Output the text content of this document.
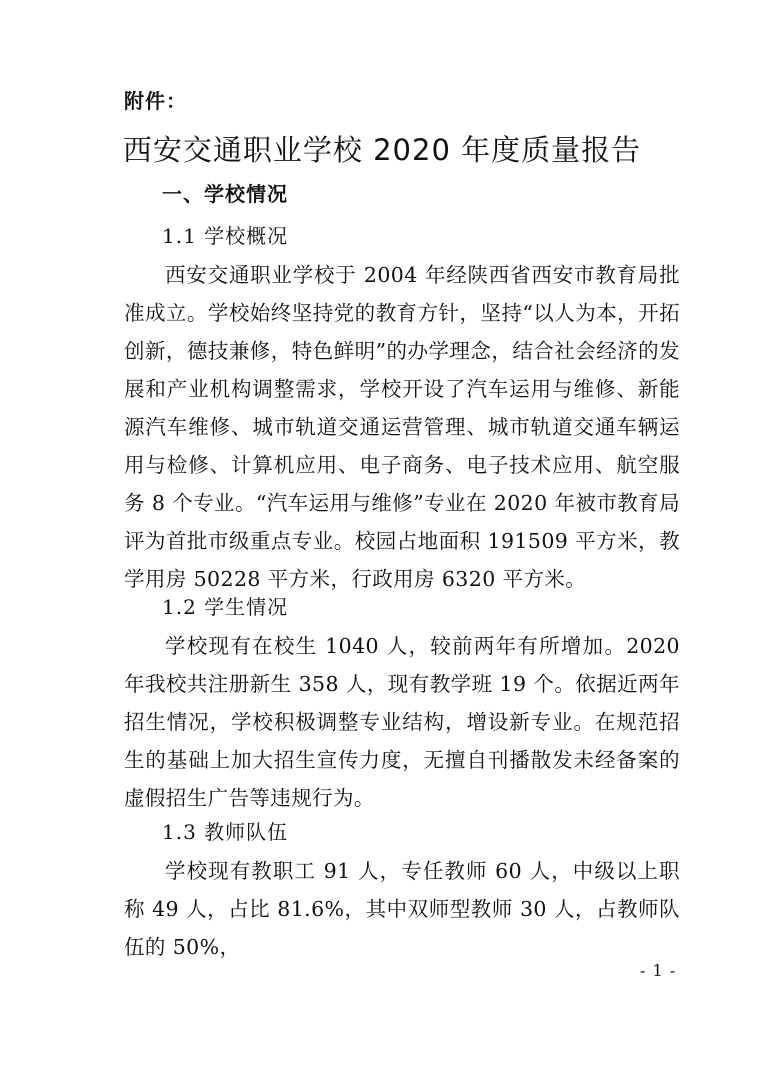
附件：
西安交通职业学校 2020 年度质量报告
一、学校情况
1.1 学校概况

西安交通职业学校于 2004 年经陕西省西安市教育局批准成立。学校始终坚持党的教育方针，坚持“以人为本，开拓创新，德技兼修，特色鲜明”的办学理念，结合社会经济的发展和产业机构调整需求，学校开设了汽车运用与维修、新能源汽车维修、城市轨道交通运营管理、城市轨道交通车辆运用与检修、计算机应用、电子商务、电子技术应用、航空服务 8 个专业。“汽车运用与维修”专业在 2020 年被市教育局评为首批市级重点专业。校园占地面积 191509 平方米，教学用房 50228 平方米，行政用房 6320 平方米。

1.2 学生情况

学校现有在校生 1040 人，较前两年有所增加。2020 年我校共注册新生 358 人，现有教学班 19 个。依据近两年招生情况，学校积极调整专业结构，增设新专业。在规范招生的基础上加大招生宣传力度，无擅自刊播散发未经备案的虚假招生广告等违规行为。

1.3 教师队伍

学校现有教职工 91 人，专任教师 60 人，中级以上职称 49 人，占比 81.6%，其中双师型教师 30 人，占教师队伍的 50%，

- 1 -
